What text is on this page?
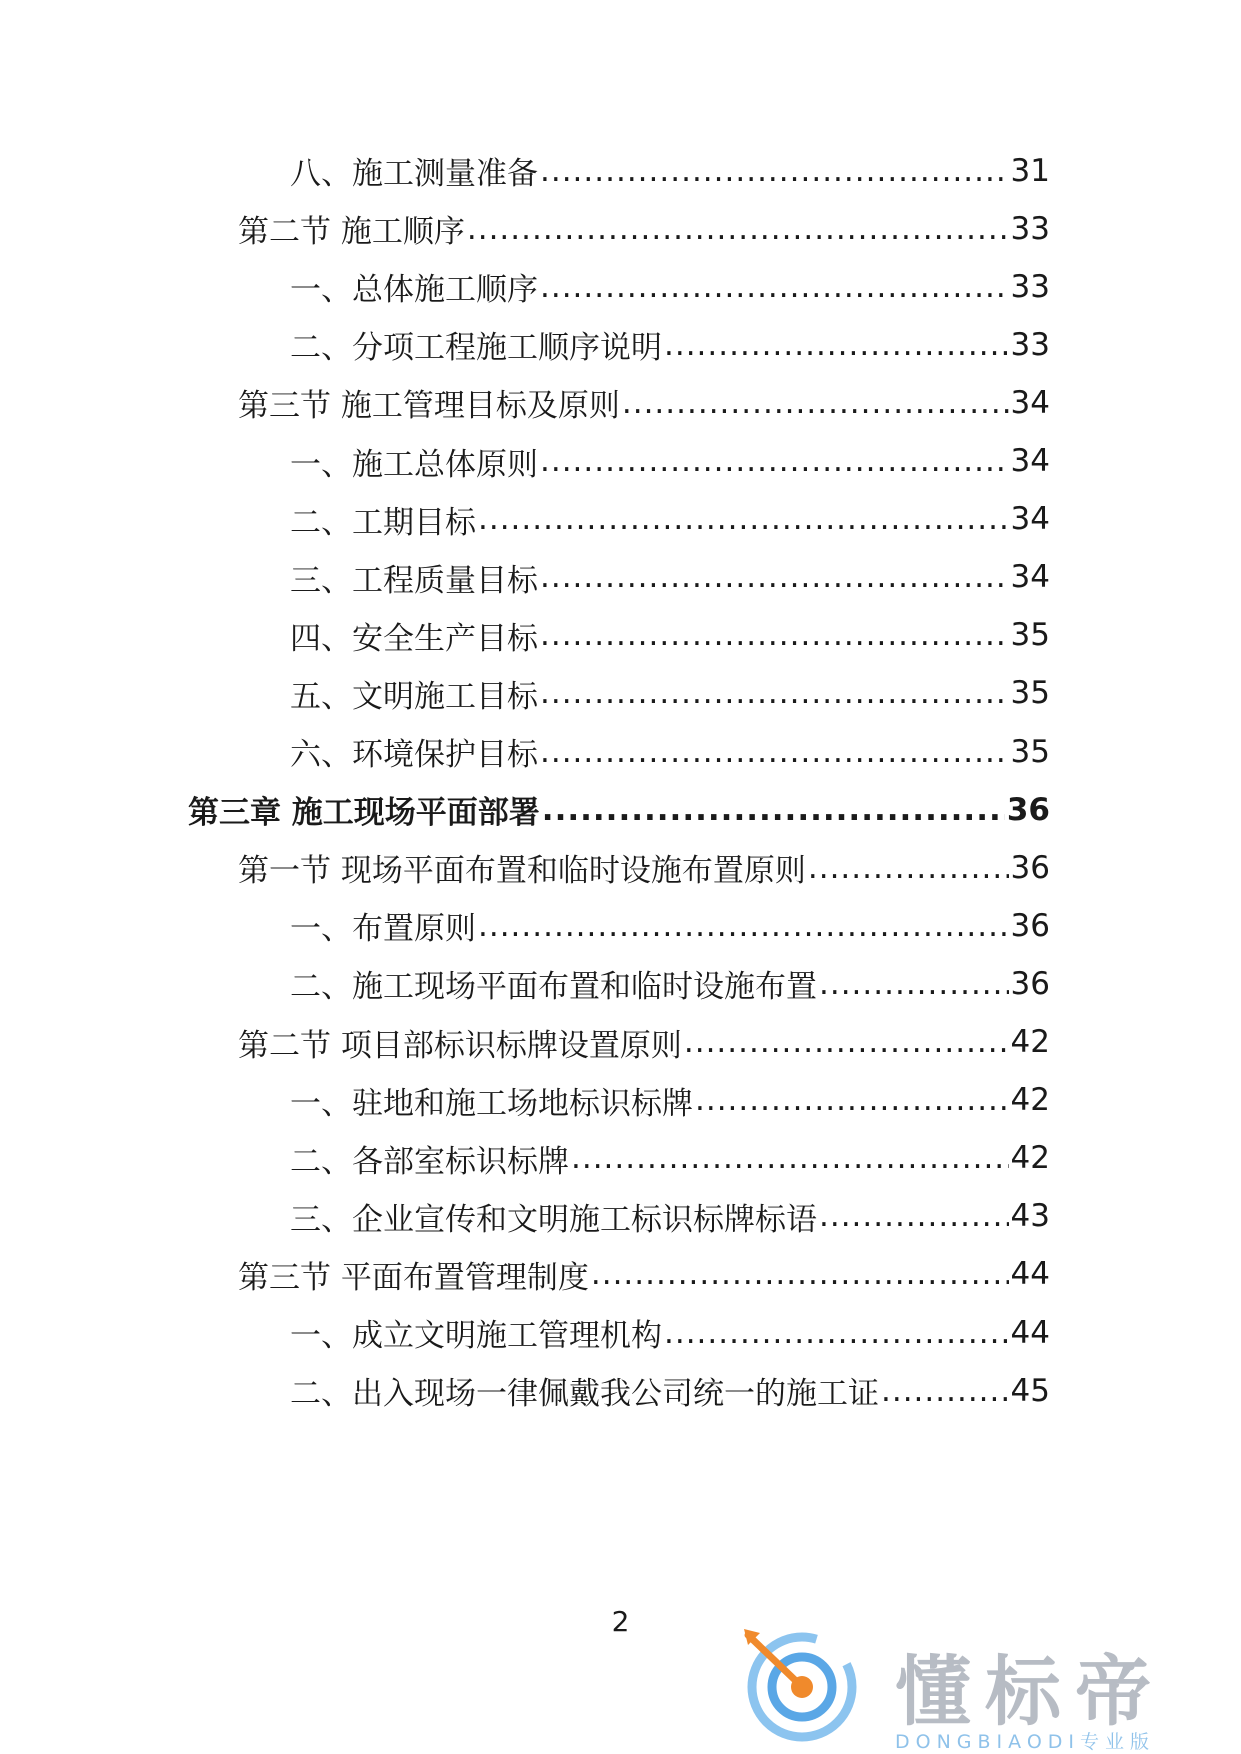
八、施工测量准备 .....	31
第二节 施工顺序 .....	33
一、总体施工顺序 .....	33
二、分项工程施工顺序说明 .....	33
第三节 施工管理目标及原则 .....	34
一、施工总体原则 .....	34
二、工期目标 .....	34
三、工程质量目标 .....	34
四、安全生产目标 .....	35
五、文明施工目标 .....	35
六、环境保护目标 .....	35
第三章 施工现场平面部署 .....	36
第一节 现场平面布置和临时设施布置原则 .....	36
一、布置原则 .....	36
二、施工现场平面布置和临时设施布置 .....	36
第二节 项目部标识标牌设置原则 .....	42
一、驻地和施工场地标识标牌 .....	42
二、各部室标识标牌 .....	42
三、企业宣传和文明施工标识标牌标语 .....	43
第三节 平面布置管理制度 .....	44
一、成立文明施工管理机构 .....	44
二、出入现场一律佩戴我公司统一的施工证 .....	45
2
懂标帝
DONGBIAODI专业版
